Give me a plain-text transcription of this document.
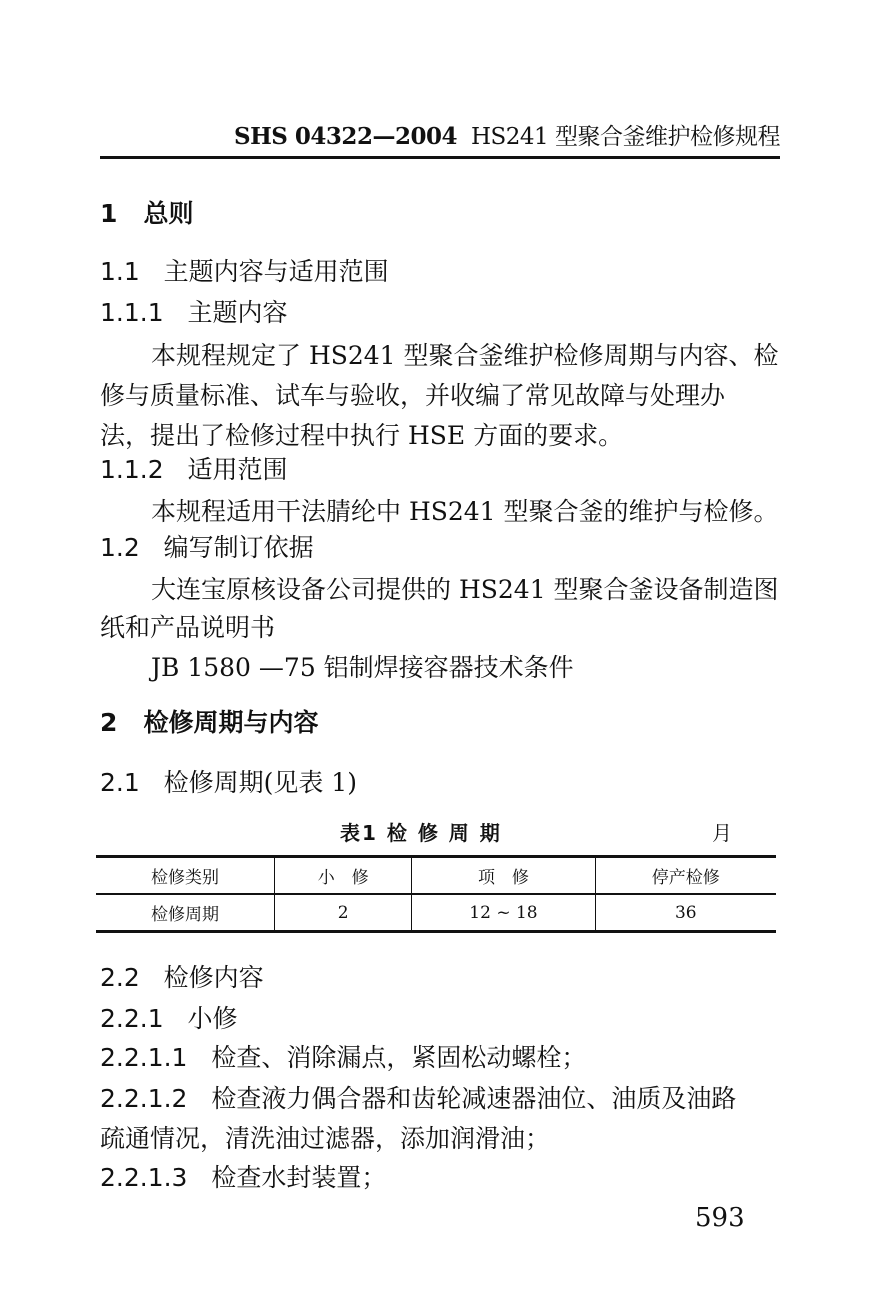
SHS 04322—2004 HS241 型聚合釜维护检修规程
1 总则
1.1 主题内容与适用范围
1.1.1 主题内容
本规程规定了 HS241 型聚合釜维护检修周期与内容、检
修与质量标准、试车与验收，并收编了常见故障与处理办
法，提出了检修过程中执行 HSE 方面的要求。
1.1.2 适用范围
本规程适用干法腈纶中 HS241 型聚合釜的维护与检修。
1.2 编写制订依据
大连宝原核设备公司提供的 HS241 型聚合釜设备制造图
纸和产品说明书
JB 1580 —75 铝制焊接容器技术条件
2 检修周期与内容
2.1 检修周期(见表 1)
表1 检 修 周 期	月
检修类别	小　修	项　修	停产检修
检修周期	2	12 ~ 18	36
2.2 检修内容
2.2.1 小修
2.2.1.1 检查、消除漏点，紧固松动螺栓；
2.2.1.2 检查液力偶合器和齿轮减速器油位、油质及油路
疏通情况，清洗油过滤器，添加润滑油；
2.2.1.3 检查水封装置；
593
